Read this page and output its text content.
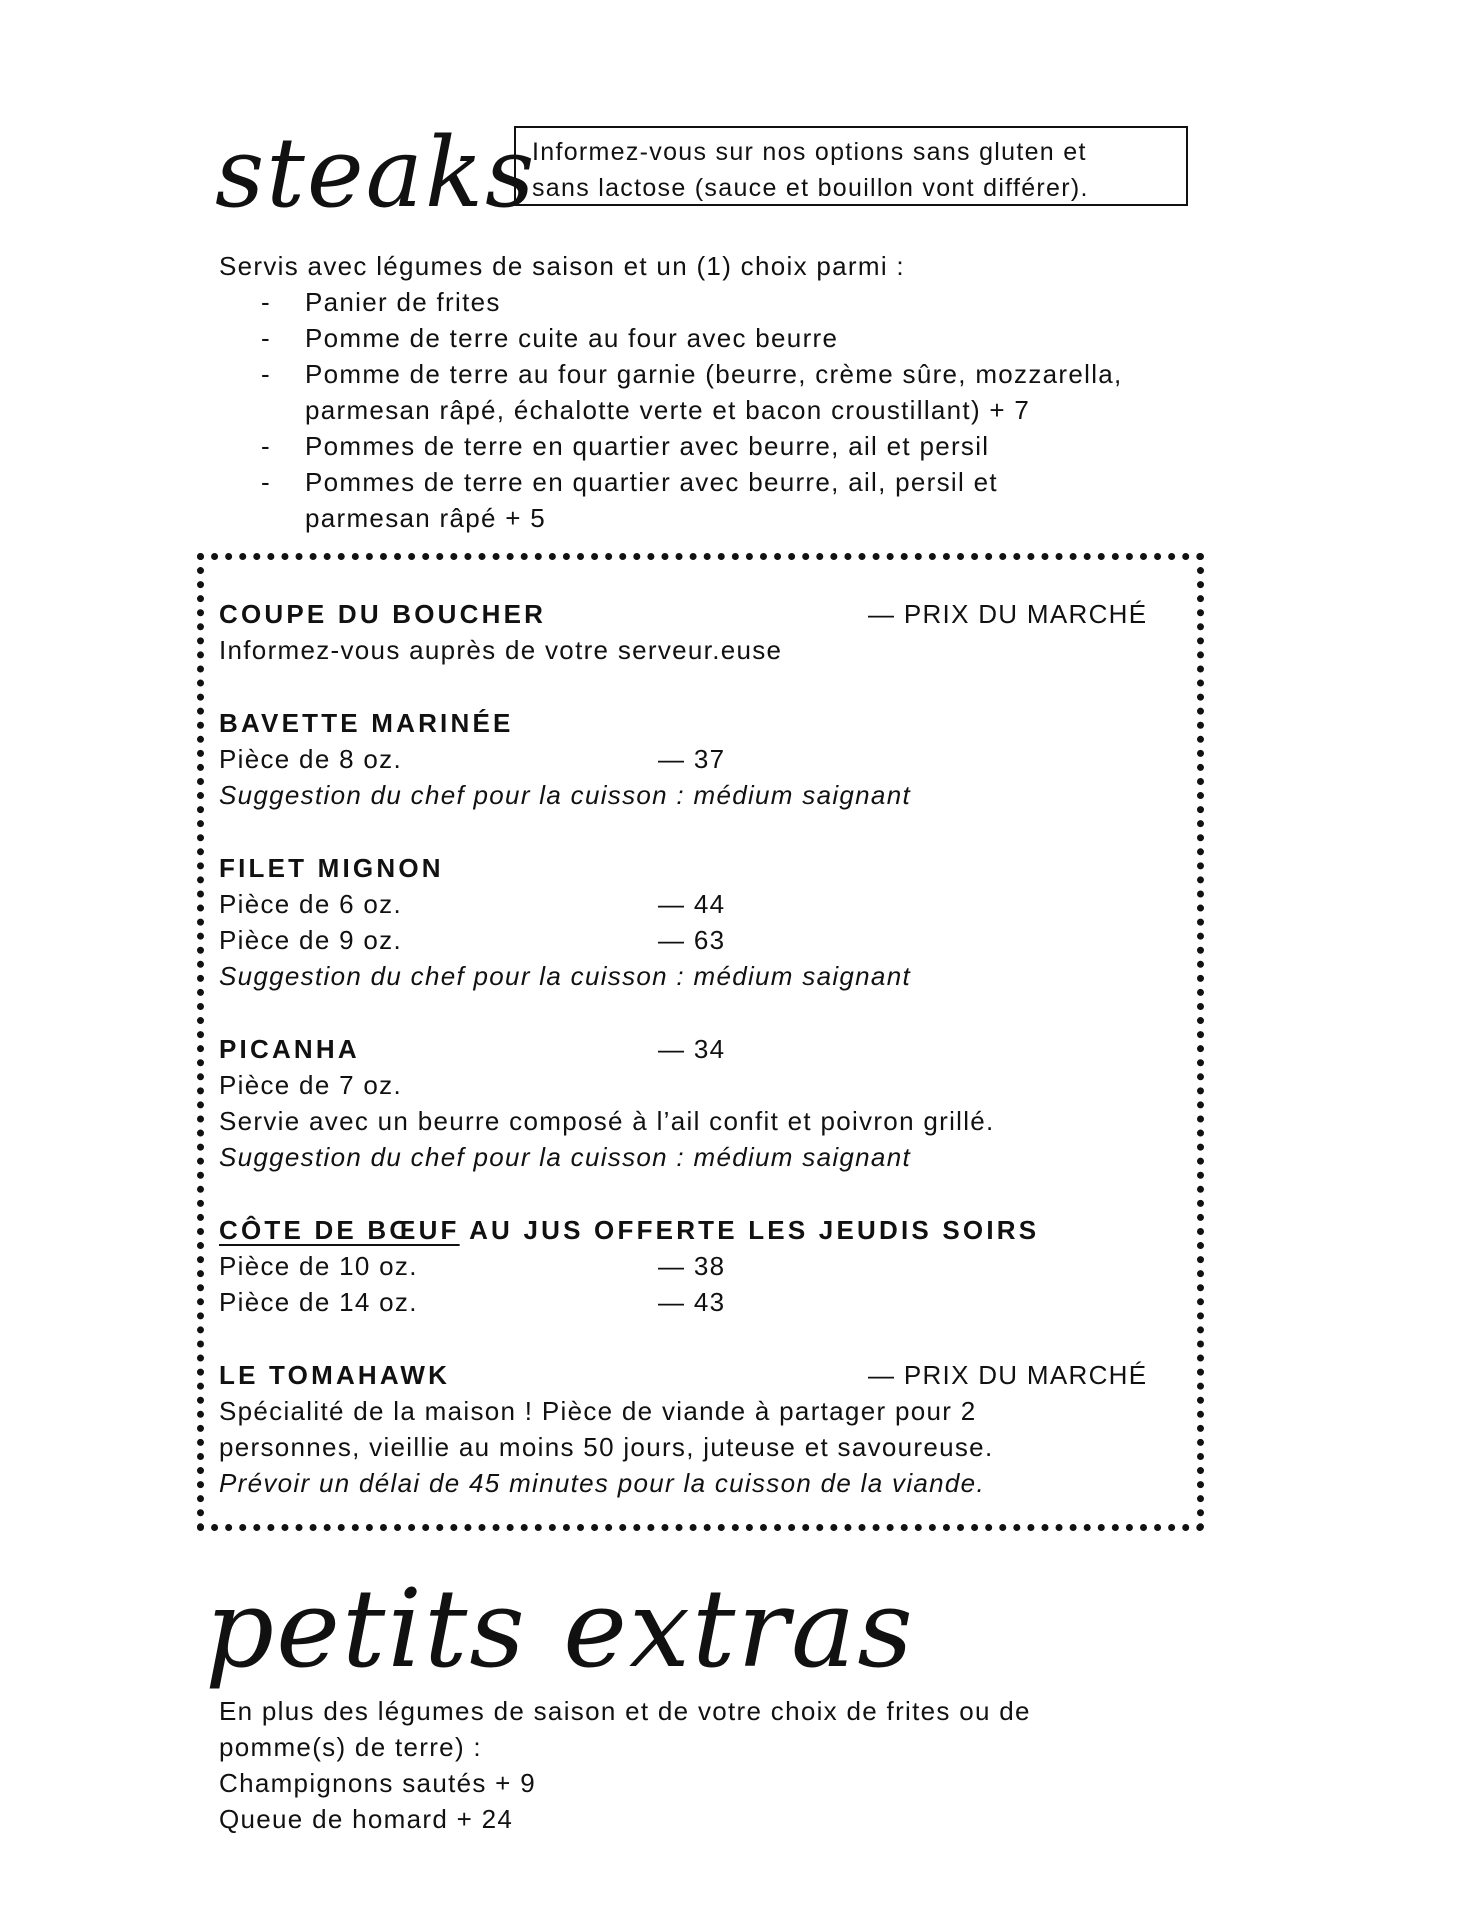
steaks
Informez-vous sur nos options sans gluten et
sans lactose (sauce et bouillon vont différer).
Servis avec légumes de saison et un (1) choix parmi :
- Panier de frites
- Pomme de terre cuite au four avec beurre
- Pomme de terre au four garnie (beurre, crème sûre, mozzarella,
parmesan râpé, échalotte verte et bacon croustillant) + 7
- Pommes de terre en quartier avec beurre, ail et persil
- Pommes de terre en quartier avec beurre, ail, persil et
parmesan râpé + 5
COUPE DU BOUCHER	— PRIX DU MARCHÉ
Informez-vous auprès de votre serveur.euse
BAVETTE MARINÉE
Pièce de 8 oz.	— 37
Suggestion du chef pour la cuisson : médium saignant
FILET MIGNON
Pièce de 6 oz.	— 44
Pièce de 9 oz.	— 63
Suggestion du chef pour la cuisson : médium saignant
PICANHA	— 34
Pièce de 7 oz.
Servie avec un beurre composé à l’ail confit et poivron grillé.
Suggestion du chef pour la cuisson : médium saignant
CÔTE DE BŒUF AU JUS OFFERTE LES JEUDIS SOIRS
Pièce de 10 oz.	— 38
Pièce de 14 oz.	— 43
LE TOMAHAWK	— PRIX DU MARCHÉ
Spécialité de la maison ! Pièce de viande à partager pour 2
personnes, vieillie au moins 50 jours, juteuse et savoureuse.
Prévoir un délai de 45 minutes pour la cuisson de la viande.
petits extras
En plus des légumes de saison et de votre choix de frites ou de
pomme(s) de terre) :
Champignons sautés + 9
Queue de homard + 24
